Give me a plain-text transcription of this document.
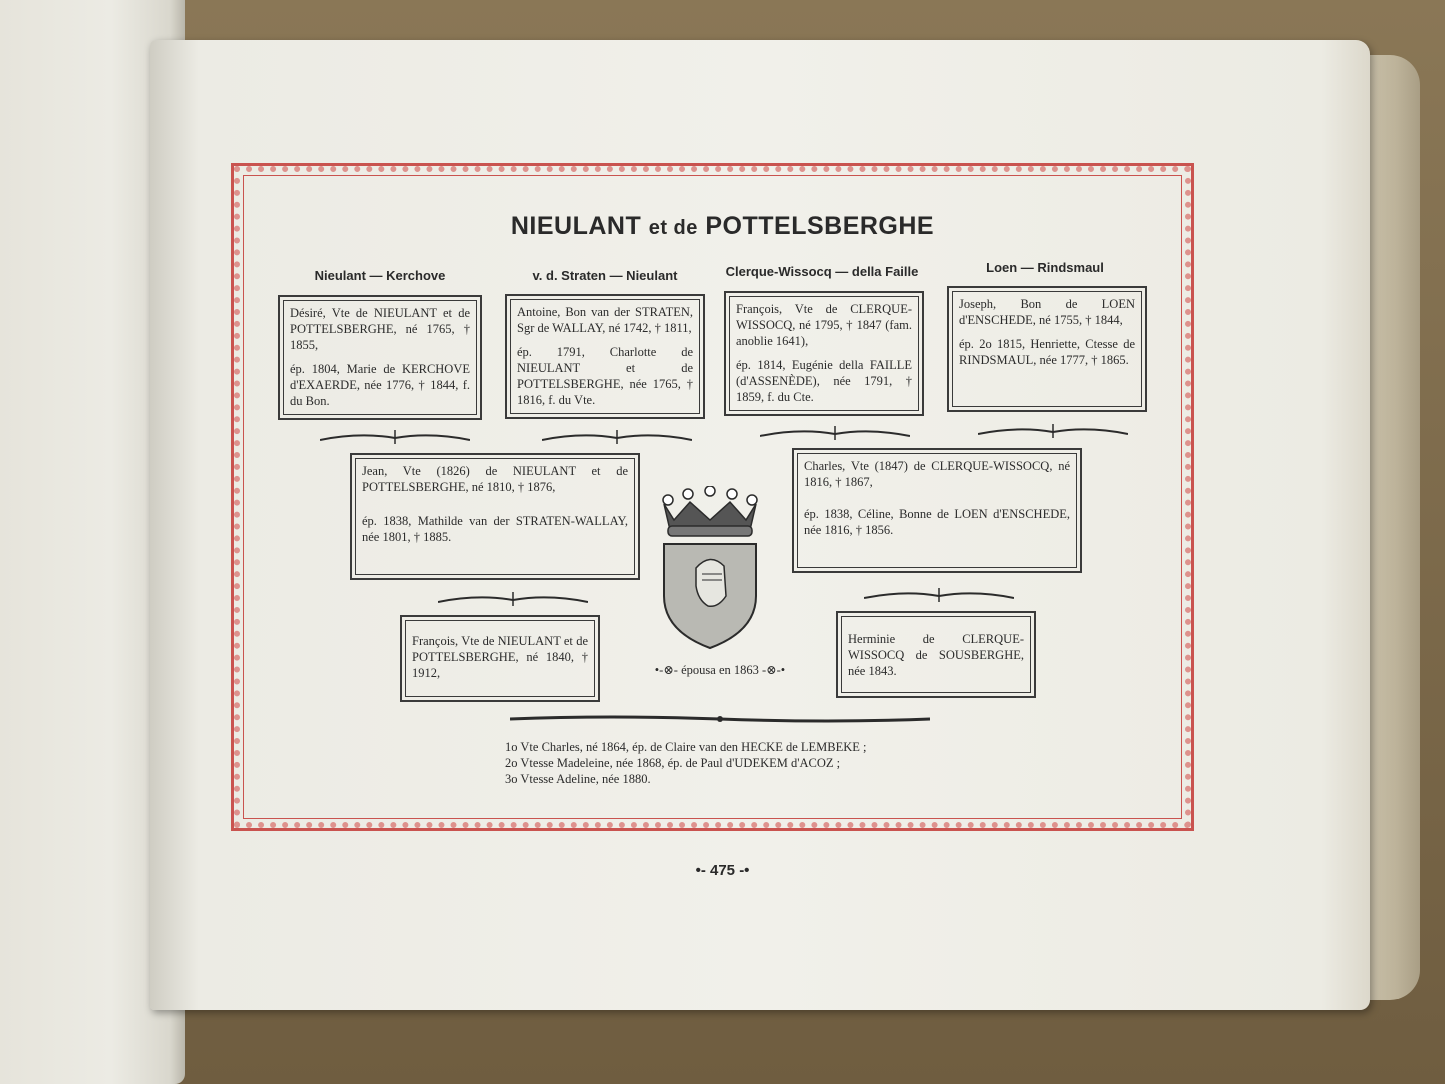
NIEULANT et de POTTELSBERGHE
Nieulant — Kerchove	v. d. Straten — Nieulant	Clerque-Wissocq — della Faille	Loen — Rindsmaul

Désiré, Vte de NIEULANT et de POTTELSBERGHE, né 1765, † 1855,

ép. 1804, Marie de KERCHOVE d'EXAERDE, née 1776, † 1844, f. du Bon.

Antoine, Bon van der STRATEN, Sgr de WALLAY, né 1742, † 1811,

ép. 1791, Charlotte de NIEULANT et de POTTELSBERGHE, née 1765, † 1816, f. du Vte.

François, Vte de CLERQUE-WISSOCQ, né 1795, † 1847 (fam. anoblie 1641),

ép. 1814, Eugénie della FAILLE (d'ASSENÈDE), née 1791, † 1859, f. du Cte.

Joseph, Bon de LOEN d'ENSCHEDE, né 1755, † 1844,

ép. 2o 1815, Henriette, Ctesse de RINDSMAUL, née 1777, † 1865.

Jean, Vte (1826) de NIEULANT et de POTTELSBERGHE, né 1810, † 1876,

ép. 1838, Mathilde van der STRATEN-WALLAY, née 1801, † 1885.

Charles, Vte (1847) de CLERQUE-WISSOCQ, né 1816, † 1867,

ép. 1838, Céline, Bonne de LOEN d'ENSCHEDE, née 1816, † 1856.

François, Vte de NIEULANT et de POTTELSBERGHE, né 1840, † 1912,

Herminie de CLERQUE-WISSOCQ de SOUSBERGHE, née 1843.

•-⊗- épousa en 1863 -⊗-•
1o Vte Charles, né 1864, ép. de Claire van den HECKE de LEMBEKE ;
2o Vtesse Madeleine, née 1868, ép. de Paul d'UDEKEM d'ACOZ ;
3o Vtesse Adeline, née 1880.
•- 475 -•
